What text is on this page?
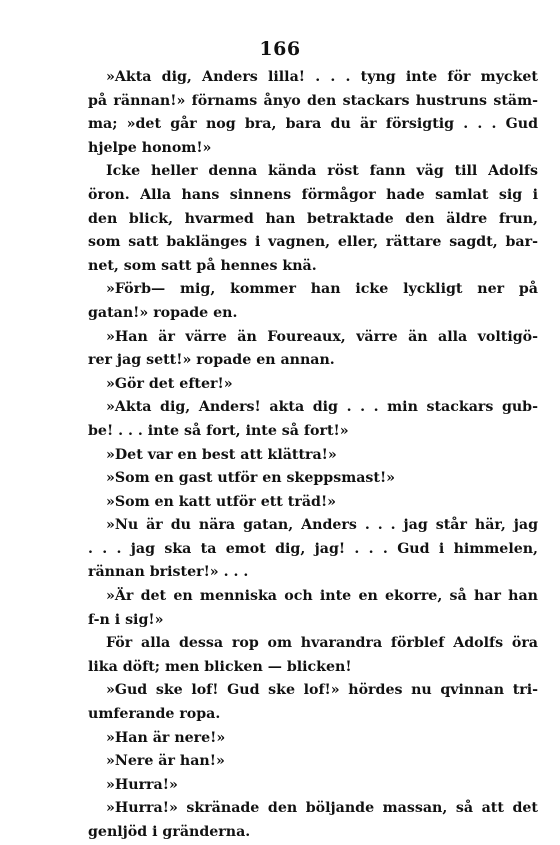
166
»Akta dig, Anders lilla! . . . tyng inte för mycket
på rännan!» förnams ånyo den stackars hustruns stäm-
ma; »det går nog bra, bara du är försigtig . . . Gud
hjelpe honom!»
Icke heller denna kända röst fann väg till Adolfs
öron. Alla hans sinnens förmågor hade samlat sig i
den blick, hvarmed han betraktade den äldre frun,
som satt baklänges i vagnen, eller, rättare sagdt, bar-
net, som satt på hennes knä.
»Förb— mig, kommer han icke lyckligt ner på
gatan!» ropade en.
»Han är värre än Foureaux, värre än alla voltigö-
rer jag sett!» ropade en annan.
»Gör det efter!»
»Akta dig, Anders! akta dig . . . min stackars gub-
be! . . . inte så fort, inte så fort!»
»Det var en best att klättra!»
»Som en gast utför en skeppsmast!»
»Som en katt utför ett träd!»
»Nu är du nära gatan, Anders . . . jag står här, jag
. . . jag ska ta emot dig, jag! . . . Gud i himmelen,
rännan brister!» . . .
»Är det en menniska och inte en ekorre, så har han
f-n i sig!»
För alla dessa rop om hvarandra förblef Adolfs öra
lika döft; men blicken — blicken!
»Gud ske lof! Gud ske lof!» hördes nu qvinnan tri-
umferande ropa.
»Han är nere!»
»Nere är han!»
»Hurra!»
»Hurra!» skränade den böljande massan, så att det
genljöd i gränderna.
